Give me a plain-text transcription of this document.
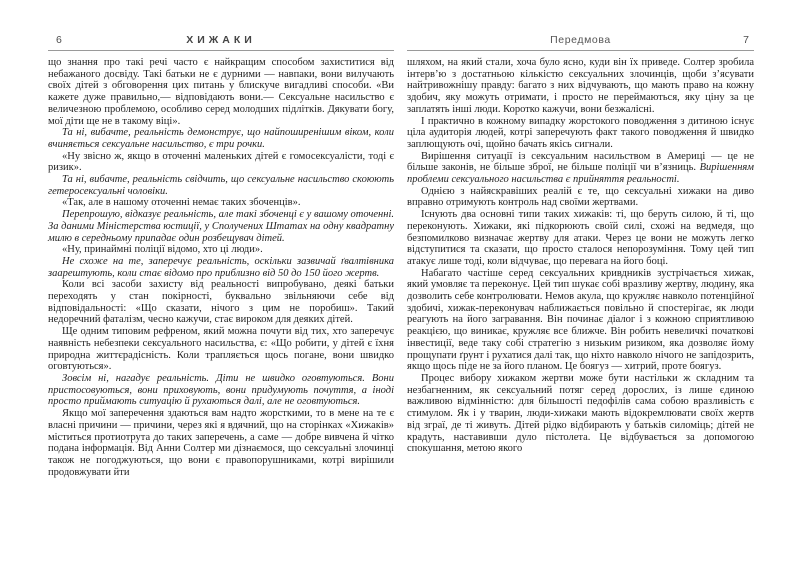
6	ХИЖАКИ

що знання про такі речі часто є найкращим способом захиститися від небажаного досвіду. Такі батьки не є дурними — навпаки, вони вилучають своїх дітей з обговорення цих питань у блискуче вигадливі способи. «Ви кажете дуже правильно,— відповідають вони.— Сексуальне насильство є величезною проблемою, особливо серед молодших підлітків. Дякувати богу, мої діти ще не в такому віці».

Та ні, вибачте, реальність демонструє, що найпоширенішим віком, коли вчиняється сексуальне насильство, є три рочки.

«Ну звісно ж, якщо в оточенні маленьких дітей є гомосексуалісти, тоді є ризик».

Та ні, вибачте, реальність свідчить, що сексуальне насильство скоюють гетеросексуальні чоловіки.

«Так, але в нашому оточенні немає таких збоченців».

Перепрошую, відказує реальність, але такі збоченці є у вашому оточенні. За даними Міністерства юстиції, у Сполучених Штатах на одну квадратну милю в середньому припадає один розбещувач дітей.

«Ну, принаймні поліції відомо, хто ці люди».

Не схоже на те, заперечує реальність, оскільки зазвичай ґвалтівника заарештують, коли стає відомо про приблизно від 50 до 150 його жертв.

Коли всі засоби захисту від реальності випробувано, деякі батьки переходять у стан покірності, буквально звільняючи себе від відповідальності: «Що сказати, нічого з цим не поробиш». Такий недоречний фаталізм, чесно кажучи, стає вироком для деяких дітей.

Ще одним типовим рефреном, який можна почути від тих, хто заперечує наявність небезпеки сексуального насильства, є: «Що робити, у дітей є їхня природна життєрадісність. Коли трапляється щось погане, вони швидко оговтуються».

Зовсім ні, нагадує реальність. Діти не швидко оговтуються. Вони пристосовуються, вони приховують, вони придумують почуття, а іноді просто приймають ситуацію й рухаються далі, але не оговтуються.

Якщо мої заперечення здаються вам надто жорсткими, то в мене на те є власні причини — причини, через які я вдячний, що на сторінках «Хижаків» міститься протиотрута до таких заперечень, а саме — добре вивчена й чітко подана інформація. Від Анни Солтер ми дізнаємося, що сексуальні злочинці також не погоджуються, що вони є правопорушниками, котрі вирішили продовжувати йти

Передмова	7

шляхом, на який стали, хоча було ясно, куди він їх приведе. Солтер зробила інтерв’ю з достатньою кількістю сексуальних злочинців, щоби з’ясувати найтривожнішу правду: багато з них відчувають, що мають право на кожну здобич, яку можуть отримати, і просто не переймаються, яку ціну за це заплатять інші люди. Коротко кажучи, вони безжалісні.

І практично в кожному випадку жорстокого поводження з дитиною існує ціла аудиторія людей, котрі заперечують факт такого поводження й швидко заплющують очі, щойно бачать якісь сигнали.

Вирішення ситуації із сексуальним насильством в Америці — це не більше законів, не більше зброї, не більше поліції чи в’язниць. Вирішенням проблеми сексуального насильства є прийняття реальності.

Однією з найяскравіших реалій є те, що сексуальні хижаки на диво вправно отримують контроль над своїми жертвами.

Існують два основні типи таких хижаків: ті, що беруть силою, й ті, що переконують. Хижаки, які підкорюють своїй силі, схожі на ведмедя, що безпомилково визначає жертву для атаки. Через це вони не можуть легко відступитися та сказати, що просто сталося непорозуміння. Тому цей тип атакує лише тоді, коли відчуває, що перевага на його боці.

Набагато частіше серед сексуальних кривдників зустрічається хижак, який умовляє та переконує. Цей тип шукає собі вразливу жертву, людину, яка дозволить себе контролювати. Немов акула, що кружляє навколо потенційної здобичі, хижак-переконувач наближається повільно й спостерігає, як люди реагують на його загравання. Він починає діалог і з кожною сприятливою реакцією, що виникає, кружляє все ближче. Він робить невеличкі початкові інвестиції, веде таку собі стратегію з низьким ризиком, яка дозволяє йому прощупати ґрунт і рухатися далі так, що ніхто навколо нічого не запідозрить, якщо щось піде не за його планом. Це боягуз — хитрий, проте боягуз.

Процес вибору хижаком жертви може бути настільки ж складним та незбагненним, як сексуальний потяг серед дорослих, із лише єдиною важливою відмінністю: для більшості педофілів сама собою вразливість є стимулом. Як і у тварин, люди-хижаки мають відокремлювати своїх жертв від зграї, де ті живуть. Дітей рідко відбирають у батьків силоміць; дітей не крадуть, наставивши дуло пістолета. Це відбувається за допомогою спокушання, метою якого
